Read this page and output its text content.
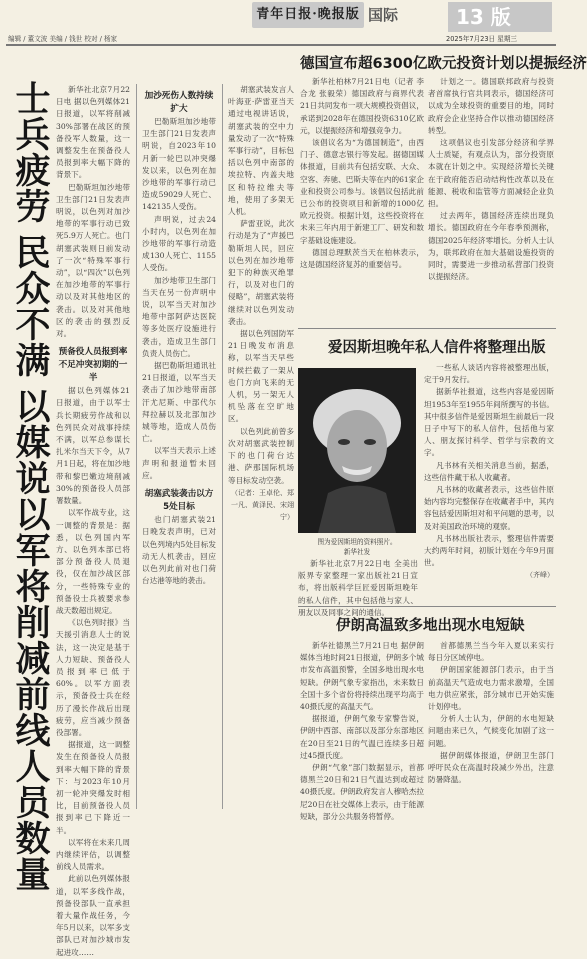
编辑 / 董文波 美编 / 钱世 校对 / 杨家
青年日报·晚报版 国际	13 版
2025年7月23日 星期三
士兵疲劳
民众不满
以媒说以军将削减前线人员数量

新华社北京7月22日电 据以色列媒体21日报道，以军将削减30%部署在战区的预备役军人数量，这一调整发生在预备役人员报到率大幅下降的背景下。

巴勒斯坦加沙地带卫生部门21日发表声明说，以色列对加沙地带的军事行动已致死5.9万人死亡。也门胡塞武装则日前发动了一次“特殊军事行动”，以“四次”以色列在加沙地带的军事行动以及对其他地区的袭击。以及对其他地区的袭击的强烈反对。

预备役人员报到率不足冲突初期的一半

据以色列媒体21日报道，由于以军士兵长期疲劳作战和以色列民众对战事持续不满，以军总参谋长扎米尔当天下令，从7月1日起，将在加沙地带和黎巴嫩边境削减30%的预备役人员部署数量。

以军作战专业，这一调整的背景是：据悉，以色列国内军方、以色列本部已将部分预备役人员退役，仅在加沙战区部分，一些特殊专业的预备役士兵被要求参战天数超出规定。

《以色列时报》当天援引消息人士的说法，这一决定是基于人力短缺、预备役人员报到率已低于60%。以军方面表示，预备役士兵在经历了漫长作战后出现疲劳，应当减少预备役部署。

据报道，这一调整发生在预备役人员报到率大幅下降的背景下：与2023年10月初一轮冲突爆发时相比，目前预备役人员报到率已下降近一半。

以军将在未来几周内继续评估，以调整前线人员需求。

此前以色列媒体报道，以军多线作战，预备役部队一直承担着大量作战任务，今年5月以来，以军多支部队已对加沙城市发起进攻……

加沙死伤人数持续扩大

巴勒斯坦加沙地带卫生部门21日发表声明说，自2023年10月新一轮巴以冲突爆发以来，以色列在加沙地带的军事行动已造成59029人死亡、142135人受伤。

声明说，过去24小时内，以色列在加沙地带的军事行动造成130人死亡、1155人受伤。

加沙地带卫生部门当天在另一份声明中说，以军当天对加沙地带中部阿萨达医院等多处医疗设施进行袭击，造成卫生部门负责人员伤亡。

据巴勒斯坦通讯社21日报道，以军当天袭击了加沙地带南部汗尤尼斯、中部代尔拜拉赫以及北部加沙城等地，造成人员伤亡。

以军当天表示上述声明和报道暂未回应。

胡塞武装袭击以方5处目标

也门胡塞武装21日晚发表声明，已对以色列境内5处目标发动无人机袭击，回应以色列此前对也门荷台达港等地的袭击。

胡塞武装发言人叶海亚·萨雷亚当天通过电视讲话说，胡塞武装的空中力量发动了一次“特殊军事行动”，目标包括以色列中南部的埃拉特、内盖夫地区和特拉维夫等地，使用了多架无人机。

萨雷亚说，此次行动是为了“声援巴勒斯坦人民，回应以色列在加沙地带犯下的种族灭绝罪行，以及对也门的侵略”，胡塞武装将继续对以色列发动袭击。

据以色列国防军21日晚发布消息称，以军当天早些时候拦截了一架从也门方向飞来的无人机，另一架无人机坠落在空旷地区。

以色列此前曾多次对胡塞武装控制下的也门荷台达港、萨那国际机场等目标发动空袭。

（记者：王卓伦、郑一凡、黄泽民、宋翊宁）

德国宣布超6300亿欧元投资计划以提振经济

新华社柏林7月21日电（记者 李合龙 张毅荣）德国政府与商界代表21日共同发布一项大规模投资倡议，承诺到2028年在德国投资6310亿欧元，以提振经济和增强竞争力。

该倡议名为“为德国制造”，由西门子、德意志银行等发起。据德国媒体报道，目前共有包括安联、大众、空客、奔驰、巴斯夫等在内的61家企业和投资公司参与。该倡议包括此前已公布的投资项目和新增的1000亿欧元投资。根据计划，这些投资将在未来三年内用于新建工厂、研发和数字基础设施建设。

德国总理默茨当天在柏林表示，这是德国经济复苏的重要信号。

计划之一。德国联邦政府与投资者首席执行官共同表示，德国经济可以成为全球投资的重要目的地，同时政府会企业坚持合作以推动德国经济转型。

这项倡议也引发部分经济和学界人士质疑，有观点认为，部分投资原本就在计划之中。实现经济增长关键在于政府能否启动结构性改革以及在能源、税收和监管等方面减轻企业负担。

过去两年，德国经济连续出现负增长。德国政府在今年春季预测称，德国2025年经济零增长。分析人士认为，联邦政府在加大基础设施投资的同时，需要进一步推动私营部门投资以提振经济。

爱因斯坦晚年私人信件将整理出版
图为爱因斯坦的资料照片。
新华社发

新华社北京7月22日电 全美出版界专家整理一家出版社21日宣布，将出版科学巨匠爱因斯坦晚年的私人信件，其中包括他与家人、朋友以及同事之间的通信。

一些私人谈话内容将被整理出版，定于9月发行。

据新华社报道，这些内容是爱因斯坦1953年至1955年间所撰写的书信。其中很多信件是爱因斯坦生前最后一段日子中写下的私人信件，包括他与家人、朋友探讨科学、哲学与宗教的文字。

凡书林有关相关消息当前，据悉，这些信件藏于私人收藏者。

凡书林的收藏者表示，这些信件原始内容均完整保存在收藏者手中，其内容包括爱因斯坦对和平问题的思考，以及对美国政治环境的观察。

凡书林出版社表示，整理信件需要大约两年时间，初版计划在今年9月面世。

（齐峰）

伊朗高温致多地出现水电短缺

新华社德黑兰7月21日电 据伊朗媒体当地时间21日报道，伊朗多个城市发布高温预警，全国多地出现水电短缺。伊朗气象专家指出，未来数日全国十多个省份将持续出现平均高于40摄氏度的高温天气。

据报道，伊朗气象专家警告说，伊朗中西部、南部以及部分东部地区在20日至21日的气温已连续多日超过45摄氏度。

伊朗“气象”部门数据显示，首都德黑兰20日和21日气温达到或超过40摄氏度。伊朗政府发言人穆哈杰拉尼20日在社交媒体上表示，由于能源短缺，部分公共服务将暂停。

首都德黑兰当今年入夏以来实行每日分区域停电。

伊朗国家能源部门表示，由于当前高温天气造成电力需求激增，全国电力供应紧张，部分城市已开始实施计划停电。

分析人士认为，伊朗的水电短缺问题由来已久，气候变化加剧了这一问题。

据伊朗媒体报道，伊朗卫生部门呼吁民众在高温时段减少外出，注意防暑降温。
